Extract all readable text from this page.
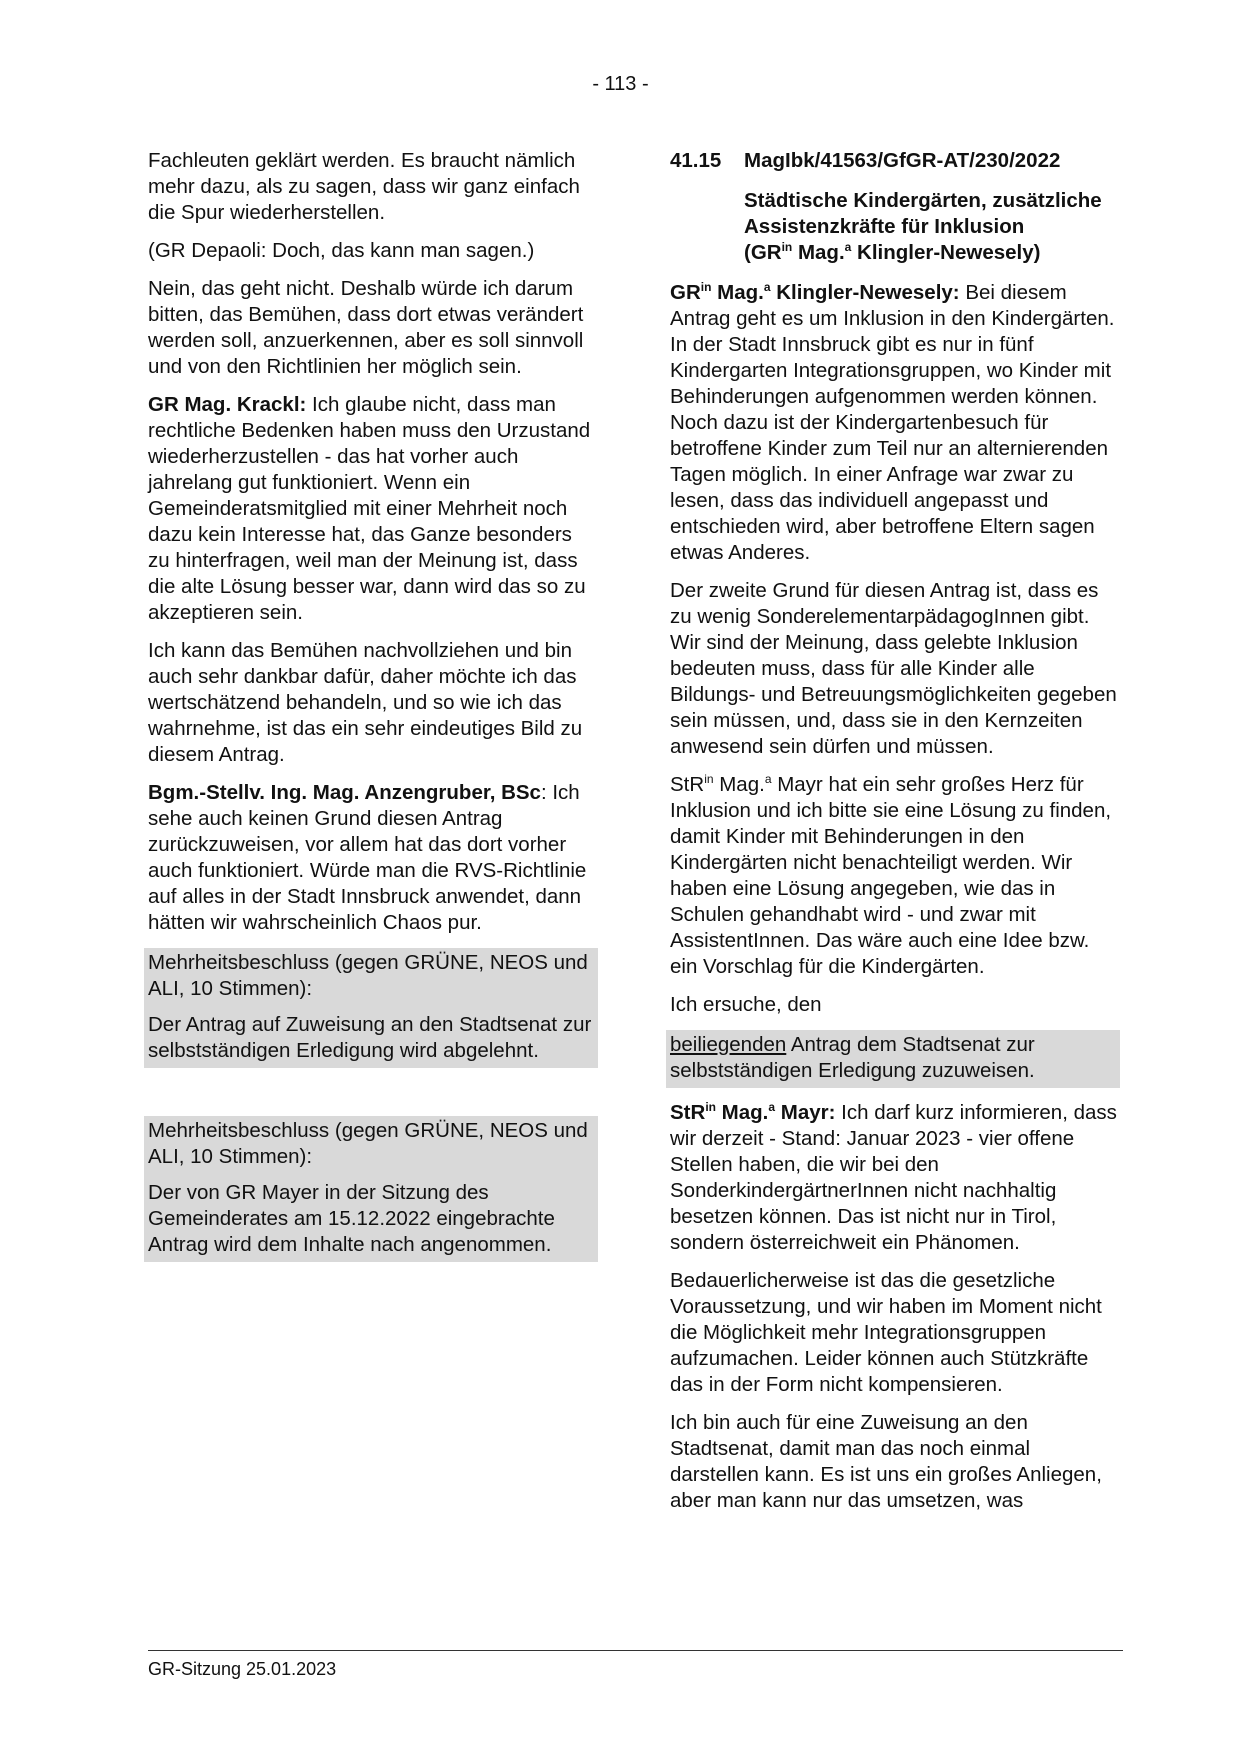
- 113 -

Fachleuten geklärt werden. Es braucht nämlich mehr dazu, als zu sagen, dass wir ganz einfach die Spur wiederherstellen.

(GR Depaoli: Doch, das kann man sagen.)

Nein, das geht nicht. Deshalb würde ich darum bitten, das Bemühen, dass dort etwas verändert werden soll, anzuerkennen, aber es soll sinnvoll und von den Richtlinien her möglich sein.

GR Mag. Krackl: Ich glaube nicht, dass man rechtliche Bedenken haben muss den Urzustand wiederherzustellen - das hat vorher auch jahrelang gut funktioniert. Wenn ein Gemeinderatsmitglied mit einer Mehrheit noch dazu kein Interesse hat, das Ganze besonders zu hinterfragen, weil man der Meinung ist, dass die alte Lösung besser war, dann wird das so zu akzeptieren sein.

Ich kann das Bemühen nachvollziehen und bin auch sehr dankbar dafür, daher möchte ich das wertschätzend behandeln, und so wie ich das wahrnehme, ist das ein sehr eindeutiges Bild zu diesem Antrag.

Bgm.-Stellv. Ing. Mag. Anzengruber, BSc: Ich sehe auch keinen Grund diesen Antrag zurückzuweisen, vor allem hat das dort vorher auch funktioniert. Würde man die RVS-Richtlinie auf alles in der Stadt Innsbruck anwendet, dann hätten wir wahrscheinlich Chaos pur.

Mehrheitsbeschluss (gegen GRÜNE, NEOS und ALI, 10 Stimmen):

Der Antrag auf Zuweisung an den Stadtsenat zur selbstständigen Erledigung wird abgelehnt.

Mehrheitsbeschluss (gegen GRÜNE, NEOS und ALI, 10 Stimmen):

Der von GR Mayer in der Sitzung des Gemeinderates am 15.12.2022 eingebrachte Antrag wird dem Inhalte nach angenommen.

41.15	MagIbk/41563/GfGR-AT/230/2022
Städtische Kindergärten, zusätzliche Assistenzkräfte für Inklusion
($GR^{in}$ Mag.$^a$ Klingler-Newesely)

$GR^{in}$ Mag.$^a$ Klingler-Newesely: Bei diesem Antrag geht es um Inklusion in den Kindergärten. In der Stadt Innsbruck gibt es nur in fünf Kindergarten Integrationsgruppen, wo Kinder mit Behinderungen aufgenommen werden können. Noch dazu ist der Kindergartenbesuch für betroffene Kinder zum Teil nur an alternierenden Tagen möglich. In einer Anfrage war zwar zu lesen, dass das individuell angepasst und entschieden wird, aber betroffene Eltern sagen etwas Anderes.

Der zweite Grund für diesen Antrag ist, dass es zu wenig SonderelementarpädagogInnen gibt. Wir sind der Meinung, dass gelebte Inklusion bedeuten muss, dass für alle Kinder alle Bildungs- und Betreuungsmöglichkeiten gegeben sein müssen, und, dass sie in den Kernzeiten anwesend sein dürfen und müssen.

StR$^{in}$ Mag.$^a$ Mayr hat ein sehr großes Herz für Inklusion und ich bitte sie eine Lösung zu finden, damit Kinder mit Behinderungen in den Kindergärten nicht benachteiligt werden. Wir haben eine Lösung angegeben, wie das in Schulen gehandhabt wird - und zwar mit AssistentInnen. Das wäre auch eine Idee bzw. ein Vorschlag für die Kindergärten.

Ich ersuche, den

beiliegenden Antrag dem Stadtsenat zur selbstständigen Erledigung zuzuweisen.

StR$^{in}$ Mag.$^a$ Mayr: Ich darf kurz informieren, dass wir derzeit - Stand: Januar 2023 - vier offene Stellen haben, die wir bei den SonderkindergärtnerInnen nicht nachhaltig besetzen können. Das ist nicht nur in Tirol, sondern österreichweit ein Phänomen.

Bedauerlicherweise ist das die gesetzliche Voraussetzung, und wir haben im Moment nicht die Möglichkeit mehr Integrationsgruppen aufzumachen. Leider können auch Stützkräfte das in der Form nicht kompensieren.

Ich bin auch für eine Zuweisung an den Stadtsenat, damit man das noch einmal darstellen kann. Es ist uns ein großes Anliegen, aber man kann nur das umsetzen, was

GR-Sitzung 25.01.2023
